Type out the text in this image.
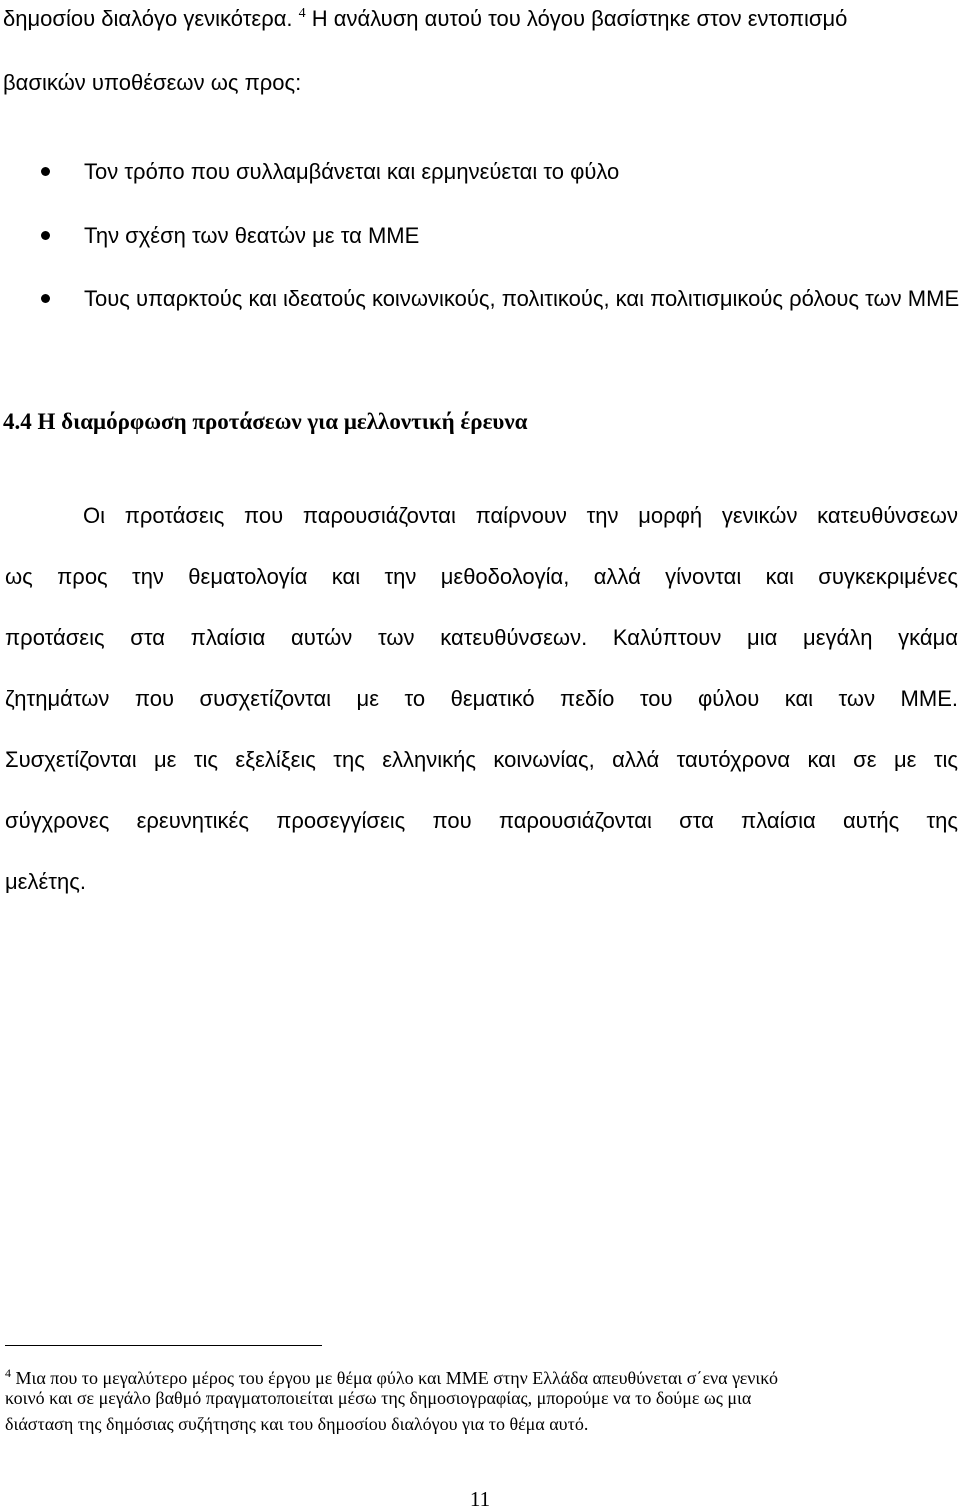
δημοσίου διαλόγο γενικότερα. $^4$ Η ανάλυση αυτού του λόγου βασίστηκε στον εντοπισμό
βασικών υποθέσεων ως προς:
Τον τρόπο που συλλαμβάνεται και ερμηνεύεται το φύλο
Την σχέση των θεατών με τα ΜΜΕ
Τους υπαρκτούς και ιδεατούς κοινωνικούς, πολιτικούς, και πολιτισμικούς ρόλους των ΜΜΕ
4.4 Η διαμόρφωση προτάσεων για μελλοντική έρευνα
Οι προτάσεις που παρουσιάζονται παίρνουν την μορφή γενικών κατευθύνσεων
ως προς την θεματολογία και την μεθοδολογία, αλλά γίνονται και συγκεκριμένες
προτάσεις στα πλαίσια αυτών των κατευθύνσεων. Καλύπτουν μια μεγάλη γκάμα
ζητημάτων που συσχετίζονται με το θεματικό πεδίο του φύλου και των ΜΜΕ.
Συσχετίζονται με τις εξελίξεις της ελληνικής κοινωνίας, αλλά ταυτόχρονα και σε με τις
σύγχρονες ερευνητικές προσεγγίσεις που παρουσιάζονται στα πλαίσια αυτής της
μελέτης.
$^4$ Μια που το μεγαλύτερο μέρος του έργου με θέμα φύλο και ΜΜΕ στην Ελλάδα απευθύνεται σ΄ενα γενικό
κοινό και σε μεγάλο βαθμό πραγματοποιείται μέσω της δημοσιογραφίας, μπορούμε να το δούμε ως μια
διάσταση της δημόσιας συζήτησης και του δημοσίου διαλόγου για το θέμα αυτό.
11
